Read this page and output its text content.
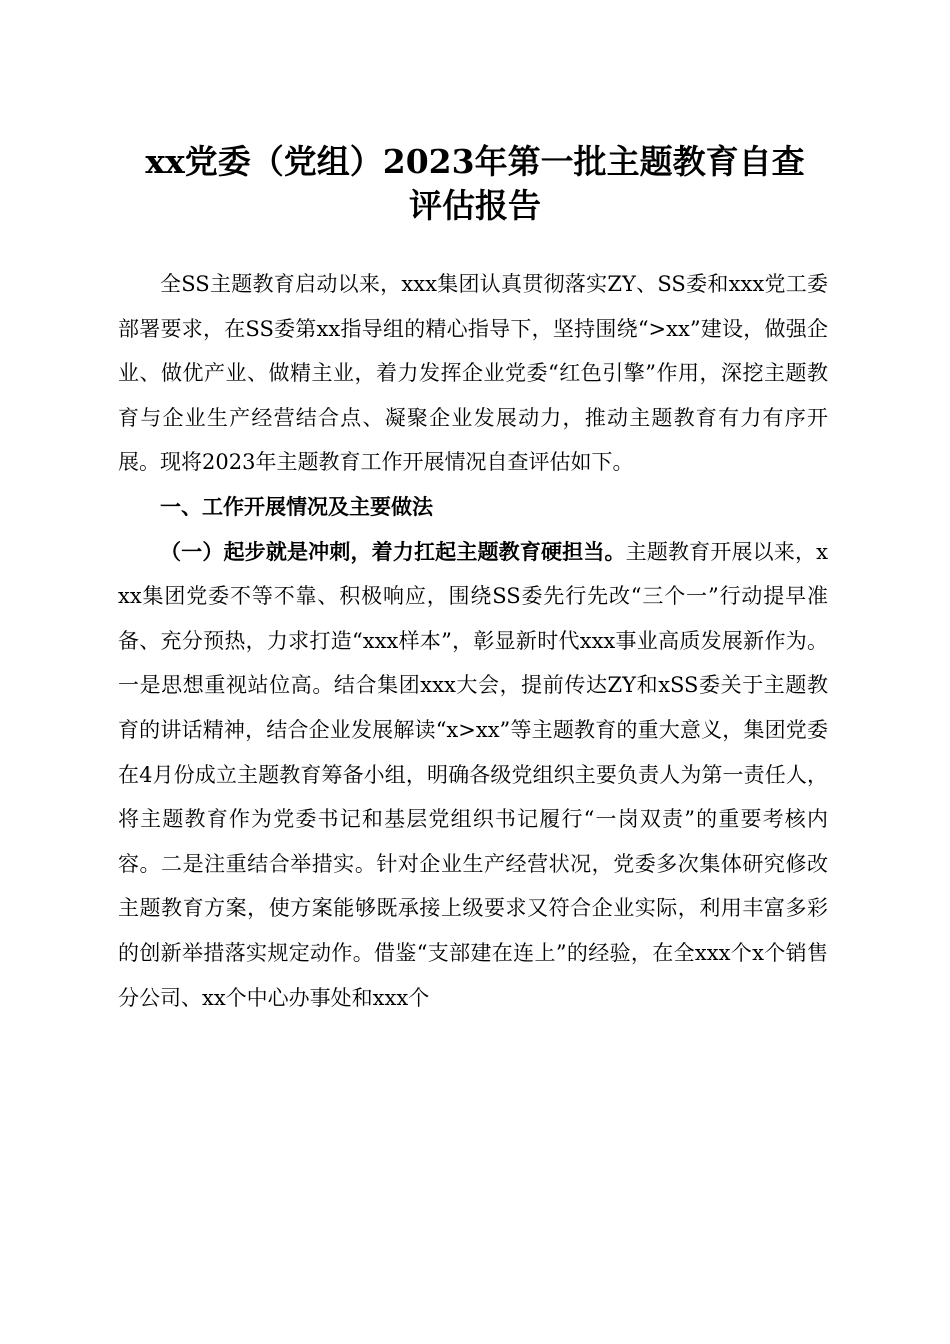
xx党委（党组）2023年第一批主题教育自查
评估报告

全SS主题教育启动以来，xxx集团认真贯彻落实ZY、SS委和xxx党工委部署要求，在SS委第xx指导组的精心指导下，坚持围绕“>xx”建设，做强企业、做优产业、做精主业，着力发挥企业党委“红色引擎”作用，深挖主题教育与企业生产经营结合点、凝聚企业发展动力，推动主题教育有力有序开展。现将2023年主题教育工作开展情况自查评估如下。

一、工作开展情况及主要做法

（一）起步就是冲刺，着力扛起主题教育硬担当。主题教育开展以来，xxx集团党委不等不靠、积极响应，围绕SS委先行先改“三个一”行动提早准备、充分预热，力求打造“xxx样本”，彰显新时代xxx事业高质发展新作为。一是思想重视站位高。结合集团xxx大会，提前传达ZY和xSS委关于主题教育的讲话精神，结合企业发展解读“x>xx”等主题教育的重大意义，集团党委在4月份成立主题教育筹备小组，明确各级党组织主要负责人为第一责任人，将主题教育作为党委书记和基层党组织书记履行“一岗双责”的重要考核内容。二是注重结合举措实。针对企业生产经营状况，党委多次集体研究修改主题教育方案，使方案能够既承接上级要求又符合企业实际，利用丰富多彩的创新举措落实规定动作。借鉴“支部建在连上”的经验，在全xxx个x个销售分公司、xx个中心办事处和xxx个
